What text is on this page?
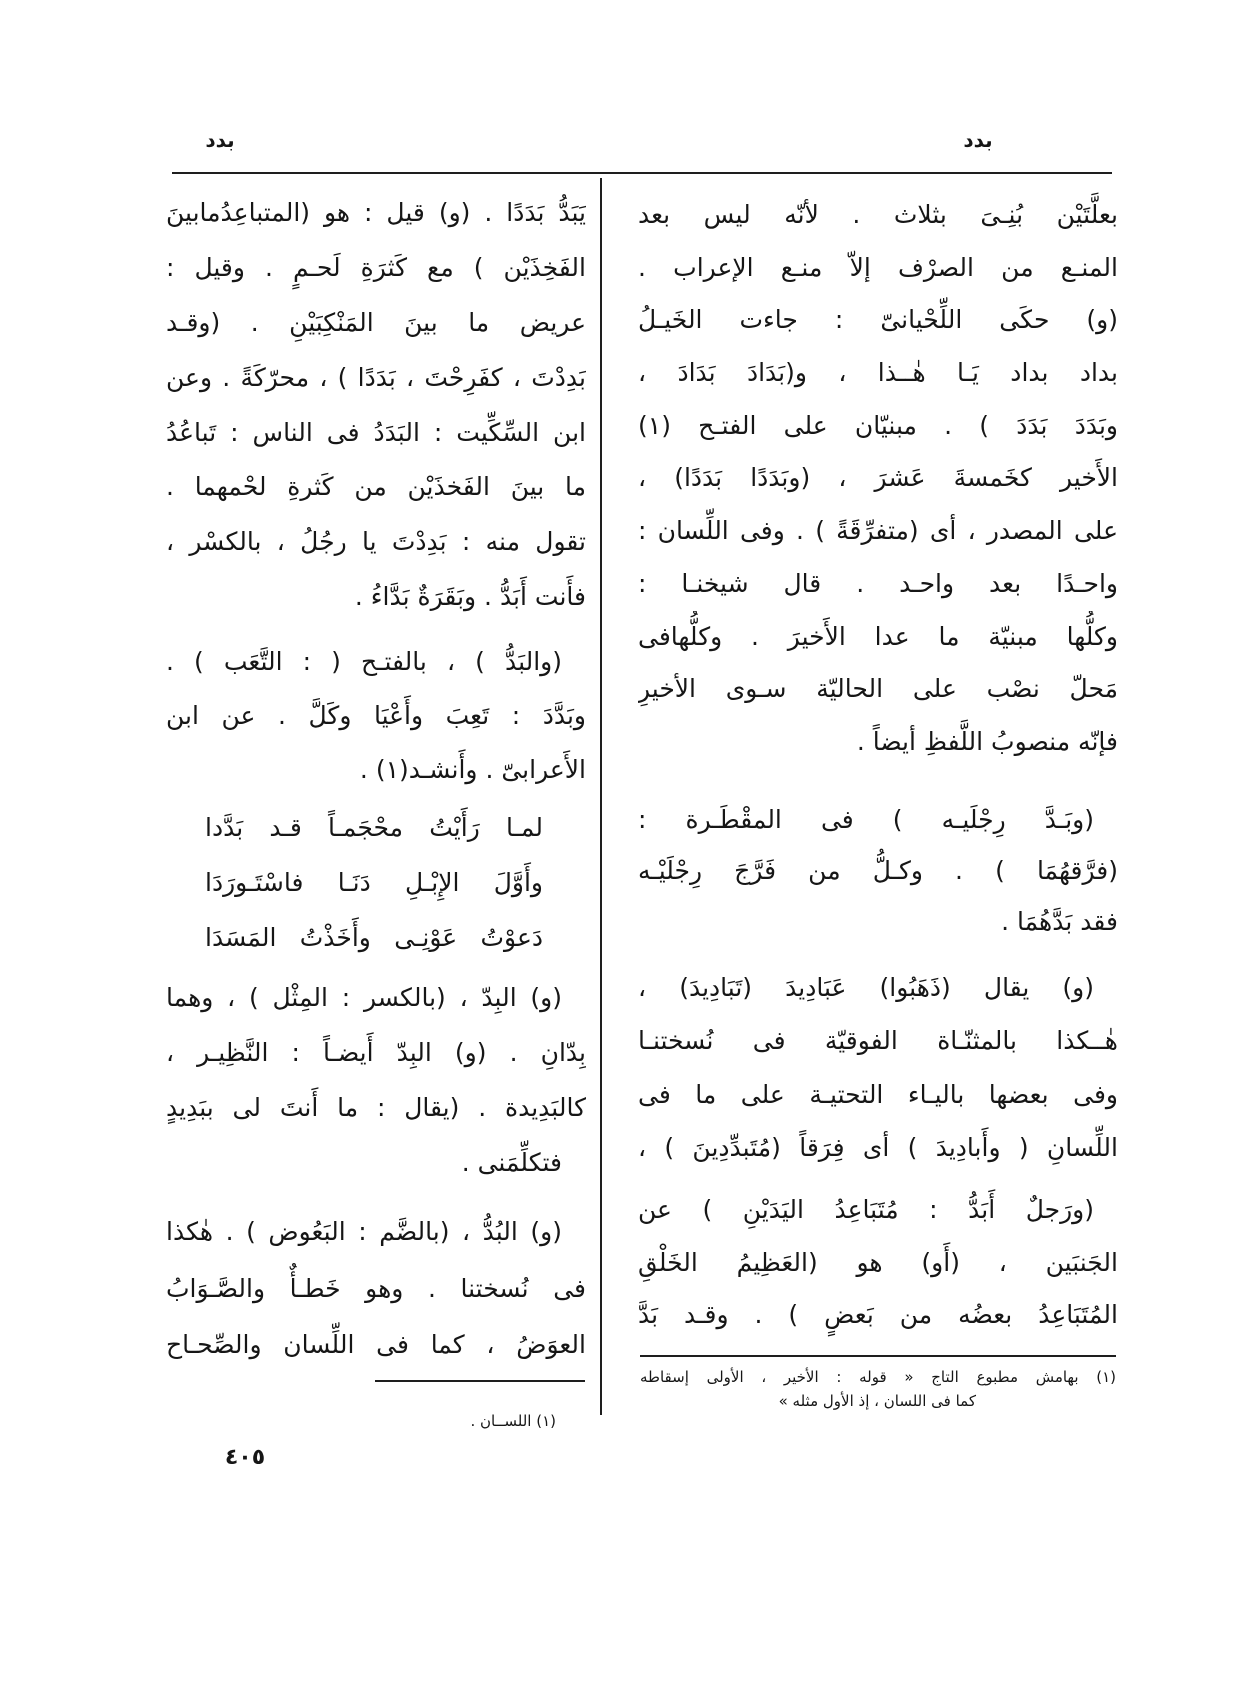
بدد
بدد
بعلَّتَيْن بُنِـىَ بثلاث . لأنّه ليس بعد
المنـع من الصرْف إلاّ منـع الإعراب .
(و) حكَى اللِّحْيانىّ : جاءت الخَيـلُ
بداد بداد يَـا هٰــذا ، و(بَدَادَ بَدَادَ ،
وبَدَدَ بَدَدَ ) . مبنيّان على الفتـح (١)
الأَخير كخَمسةَ عَشرَ ، (وبَدَدًا بَدَدًا) ،
على المصدر ، أى (متفرِّقَةً ) . وفى اللِّسان :
واحـدًا بعد واحـد . قال شيخنـا :
وكلُّها مبنيّة ما عدا الأَخيرَ . وكلُّهافى
مَحلّ نصْب على الحاليّة سـوى الأخيرِ
فإنّه منصوبُ اللَّفظِ أيضاً .
(وبَـدَّ رِجْلَيـه ) فى المقْطَـرة :
(فرَّقهُمَا ) . وكـلُّ من فَرَّجَ رِجْلَيْـه
فقد بَدَّهُمَا .
(و) يقال (ذَهَبُوا) عَبَادِيدَ (تَبَادِيدَ) ،
هٰــكذا بالمثنّـاة الفوقيّة فى نُسختنـا
وفى بعضها باليـاء التحتيـة على ما فى
اللِّسانِ ( وأَبادِيدَ ) أى فِرَقاً (مُتَبدِّدِينَ ) ،
(ورَجلٌ أَبَدُّ : مُتَبَاعِدُ اليَدَيْنِ ) عن
الجَنبَين ، (أَو) هو (العَظِيمُ الخَلْقِ
المُتَبَاعِدُ بعضُه من بَعضٍ ) . وقـد بَدَّ
(١) بهامش مطبوع التاج « قوله : الأخير ، الأولى إسقاطه
كما فى اللسان ، إذ الأول مثله »
يَبَدُّ بَدَدًا . (و) قيل : هو (المتباعِدُمابينَ
الفَخِذَيْن ) مع كَثرَةِ لَحـمٍ . وقيل :
عريض ما بينَ المَنْكِبَيْنِ . (وقـد
بَدِدْتَ ، كفَرِحْتَ ، بَدَدًا ) ، محرّكَةً . وعن
ابن السِّكِّيت : البَدَدُ فى الناس : تَباعُدُ
ما بينَ الفَخذَيْن من كَثرةِ لحْمهما .
تقول منه : بَدِدْتَ يا رجُلُ ، بالكسْر ،
فأَنت أَبَدُّ . وبَقَرَةٌ بَدَّاءُ .
(والبَدُّ ) ، بالفتـح ( : التَّعَب ) .
وبَدَّدَ : تَعِبَ وأَعْيَا وكَلَّ . عن ابن
الأَعرابىّ . وأَنشـد(١) .
لمـا رَأَيْتُ محْجَمـاً قـد بَدَّدا
وأَوَّلَ الإِبْـلِ دَنَـا فاسْتَـورَدَا
دَعوْتُ عَوْنِـى وأَخَذْتُ المَسَدَا
(و) البِدّ ، (بالكسر : المِثْل ) ، وهما
بِدّانِ . (و) البِدّ أَيضـاً : النَّظِيـر ،
كالبَدِيدة . (يقال : ما أَنتَ لى ببَدِيدٍ
فتكلِّمَنى .
(و) البُدُّ ، (بالضَّم : البَعُوض ) . هٰكذا
فى نُسختنا . وهو خَطـأٌ والصَّـوَابُ
العوَضُ ، كما فى اللِّسان والصِّحـاح
(١) اللســان .
٤٠٥
